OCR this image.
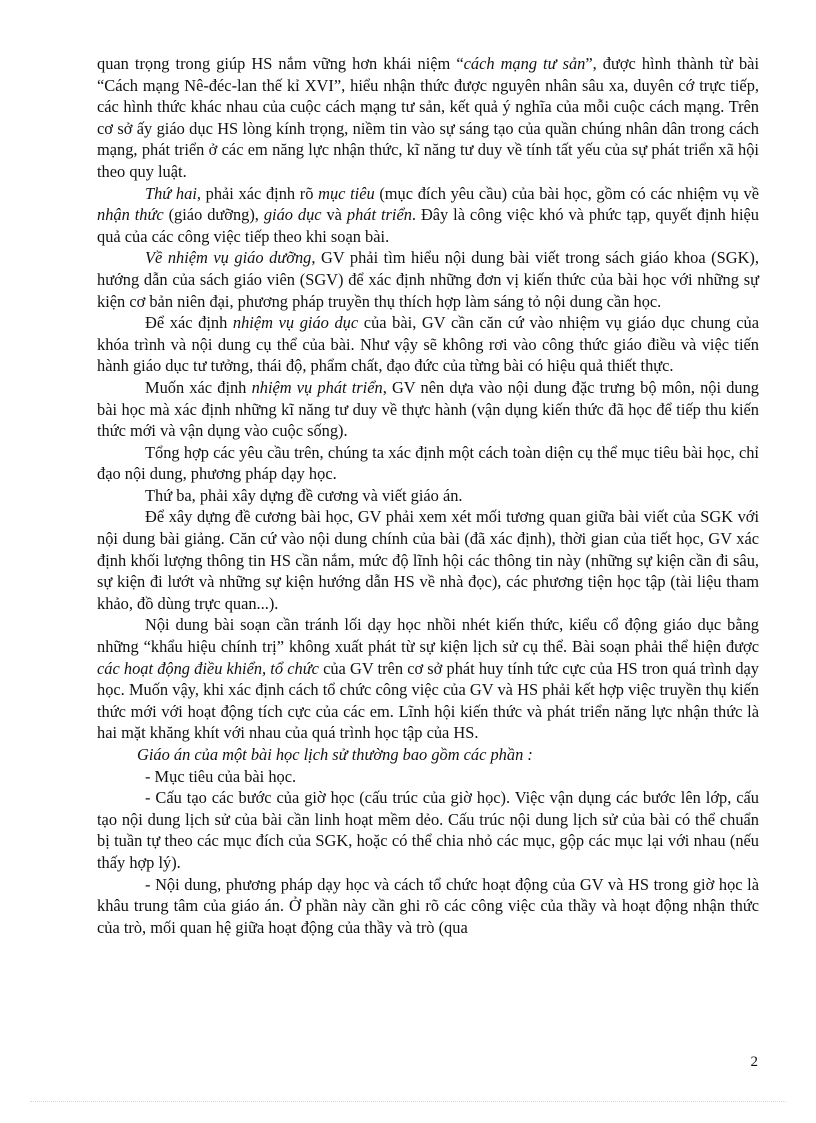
quan trọng trong giúp HS nắm vững hơn khái niệm “cách mạng tư sản”, được hình thành từ bài “Cách mạng Nê-đéc-lan thế kỉ XVI”, hiểu nhận thức được nguyên nhân sâu xa, duyên cớ trực tiếp, các hình thức khác nhau của cuộc cách mạng tư sản, kết quả ý nghĩa của mỗi cuộc cách mạng. Trên cơ sở ấy giáo dục HS lòng kính trọng, niềm tin vào sự sáng tạo của quần chúng nhân dân trong cách mạng, phát triển ở các em năng lực nhận thức, kĩ năng tư duy về tính tất yếu của sự phát triển xã hội theo quy luật.

Thứ hai, phải xác định rõ mục tiêu (mục đích yêu cầu) của bài học, gồm có các nhiệm vụ về nhận thức (giáo dưỡng), giáo dục và phát triển. Đây là công việc khó và phức tạp, quyết định hiệu quả của các công việc tiếp theo khi soạn bài.

Về nhiệm vụ giáo dưỡng, GV phải tìm hiểu nội dung bài viết trong sách giáo khoa (SGK), hướng dẫn của sách giáo viên (SGV) để xác định những đơn vị kiến thức của bài học với những sự kiện cơ bản niên đại, phương pháp truyền thụ thích hợp làm sáng tỏ nội dung cần học.

Để xác định nhiệm vụ giáo dục của bài, GV cần căn cứ vào nhiệm vụ giáo dục chung của khóa trình và nội dung cụ thể của bài. Như vậy sẽ không rơi vào công thức giáo điều và việc tiến hành giáo dục tư tưởng, thái độ, phẩm chất, đạo đức của từng bài có hiệu quả thiết thực.

Muốn xác định nhiệm vụ phát triển, GV nên dựa vào nội dung đặc trưng bộ môn, nội dung bài học mà xác định những kĩ năng tư duy về thực hành (vận dụng kiến thức đã học để tiếp thu kiến thức mới và vận dụng vào cuộc sống).

Tổng hợp các yêu cầu trên, chúng ta xác định một cách toàn diện cụ thể mục tiêu bài học, chỉ đạo nội dung, phương pháp dạy học.

Thứ ba, phải xây dựng đề cương và viết giáo án.

Để xây dựng đề cương bài học, GV phải xem xét mối tương quan giữa bài viết của SGK với nội dung bài giảng. Căn cứ vào nội dung chính của bài (đã xác định), thời gian của tiết học, GV xác định khối lượng thông tin HS cần nắm, mức độ lĩnh hội các thông tin này (những sự kiện cần đi sâu, sự kiện đi lướt và những sự kiện hướng dẫn HS về nhà đọc), các phương tiện học tập (tài liệu tham khảo, đồ dùng trực quan...).

Nội dung bài soạn cần tránh lối dạy học nhồi nhét kiến thức, kiểu cổ động giáo dục bằng những “khẩu hiệu chính trị” không xuất phát từ sự kiện lịch sử cụ thể. Bài soạn phải thể hiện được các hoạt động điều khiển, tổ chức của GV trên cơ sở phát huy tính tức cực của HS tron quá trình dạy học. Muốn vậy, khi xác định cách tổ chức công việc của GV và HS phải kết hợp việc truyền thụ kiến thức mới với hoạt động tích cực của các em. Lĩnh hội kiến thức và phát triển năng lực nhận thức là hai mặt khăng khít với nhau của quá trình học tập của HS.

Giáo án của một bài học lịch sử thường bao gồm các phần :

- Mục tiêu của bài học.

- Cấu tạo các bước của giờ học (cấu trúc của giờ học). Việc vận dụng các bước lên lớp, cấu tạo nội dung lịch sử của bài cần linh hoạt mềm dẻo. Cấu trúc nội dung lịch sử của bài có thể chuẩn bị tuần tự theo các mục đích của SGK, hoặc có thể chia nhỏ các mục, gộp các mục lại với nhau (nếu thấy hợp lý).

- Nội dung, phương pháp dạy học và cách tổ chức hoạt động của GV và HS trong giờ học là khâu trung tâm của giáo án. Ở phần này cần ghi rõ các công việc của thầy và hoạt động nhận thức của trò, mối quan hệ giữa hoạt động của thầy và trò (qua

2
